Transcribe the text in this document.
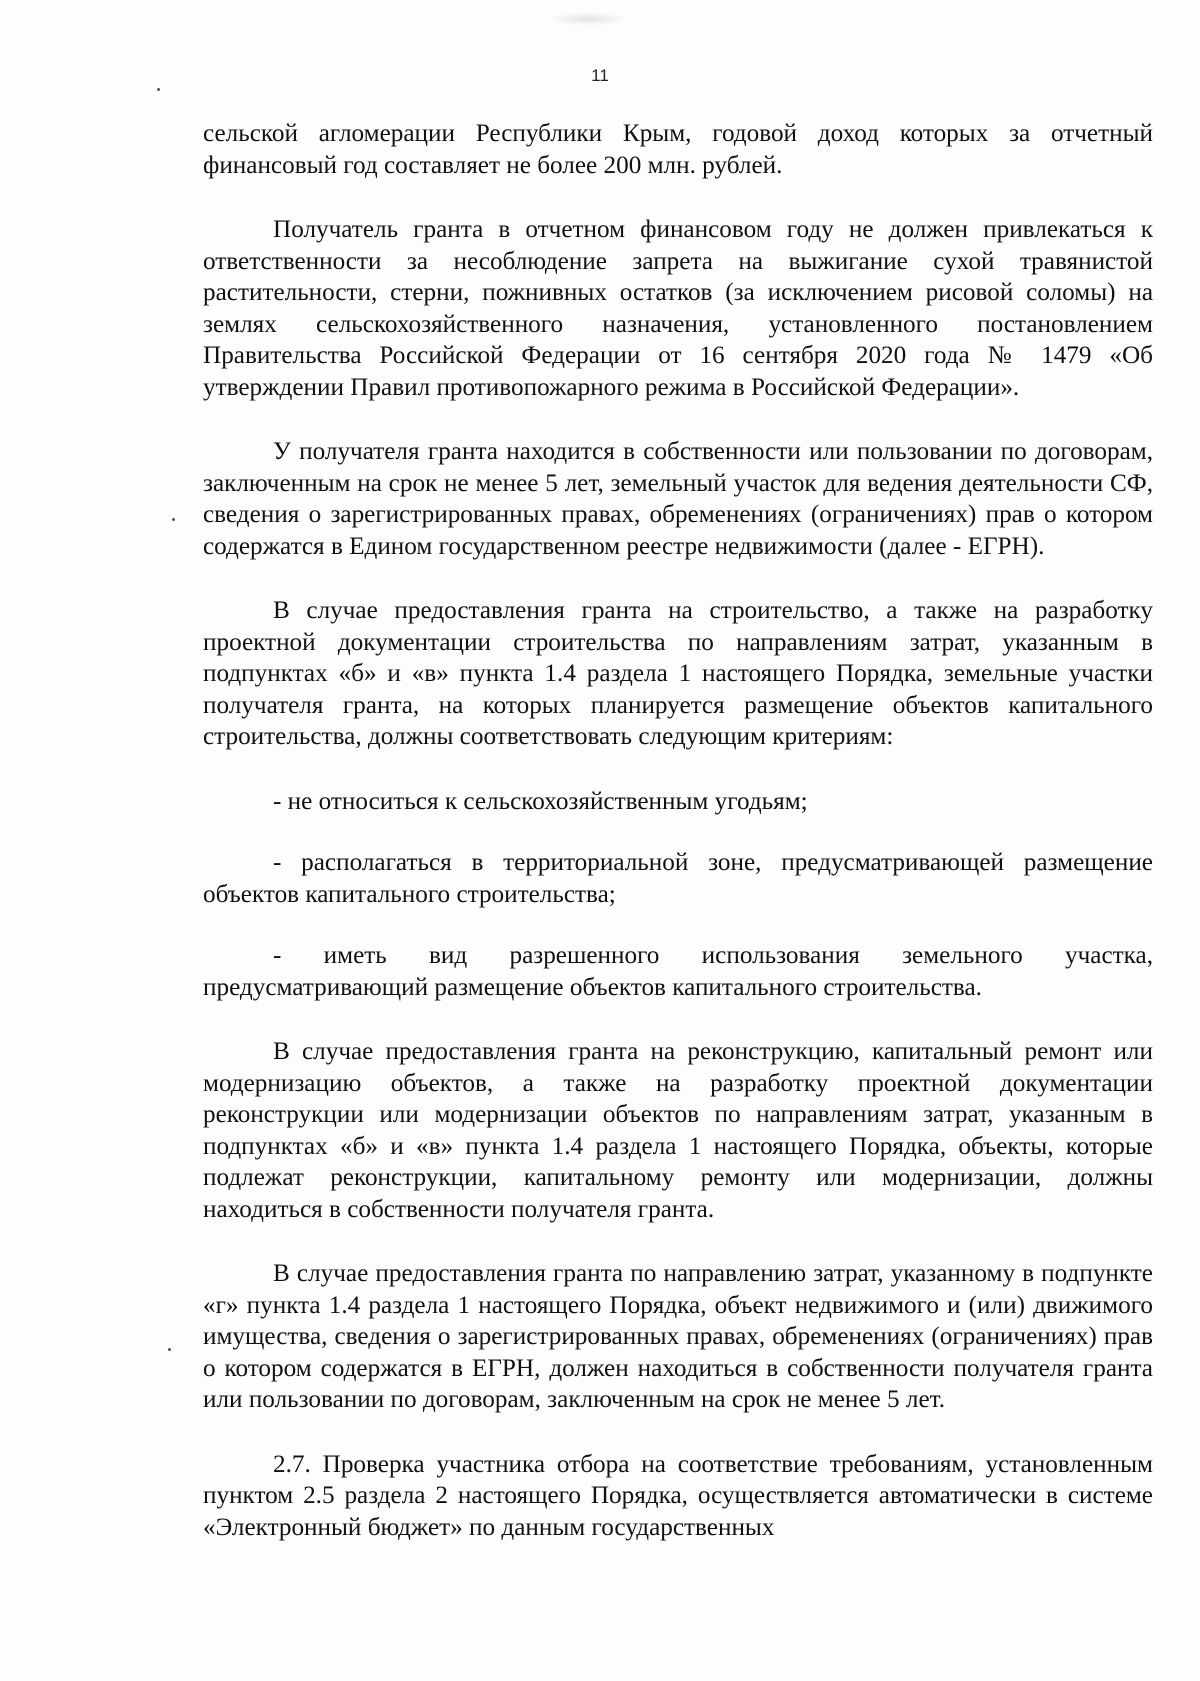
11

сельской агломерации Республики Крым, годовой доход которых за отчетный финансовый год составляет не более 200 млн. рублей.

Получатель гранта в отчетном финансовом году не должен привлекаться к ответственности за несоблюдение запрета на выжигание сухой травянистой растительности, стерни, пожнивных остатков (за исключением рисовой соломы) на землях сельскохозяйственного назначения, установленного постановлением Правительства Российской Федерации от 16 сентября 2020 года № 1479 «Об утверждении Правил противопожарного режима в Российской Федерации».

У получателя гранта находится в собственности или пользовании по договорам, заключенным на срок не менее 5 лет, земельный участок для ведения деятельности СФ, сведения о зарегистрированных правах, обременениях (ограничениях) прав о котором содержатся в Едином государственном реестре недвижимости (далее - ЕГРН).

В случае предоставления гранта на строительство, а также на разработку проектной документации строительства по направлениям затрат, указанным в подпунктах «б» и «в» пункта 1.4 раздела 1 настоящего Порядка, земельные участки получателя гранта, на которых планируется размещение объектов капитального строительства, должны соответствовать следующим критериям:

- не относиться к сельскохозяйственным угодьям;

- располагаться в территориальной зоне, предусматривающей размещение объектов капитального строительства;

- иметь вид разрешенного использования земельного участка, предусматривающий размещение объектов капитального строительства.

В случае предоставления гранта на реконструкцию, капитальный ремонт или модернизацию объектов, а также на разработку проектной документации реконструкции или модернизации объектов по направлениям затрат, указанным в подпунктах «б» и «в» пункта 1.4 раздела 1 настоящего Порядка, объекты, которые подлежат реконструкции, капитальному ремонту или модернизации, должны находиться в собственности получателя гранта.

В случае предоставления гранта по направлению затрат, указанному в подпункте «г» пункта 1.4 раздела 1 настоящего Порядка, объект недвижимого и (или) движимого имущества, сведения о зарегистрированных правах, обременениях (ограничениях) прав о котором содержатся в ЕГРН, должен находиться в собственности получателя гранта или пользовании по договорам, заключенным на срок не менее 5 лет.

2.7. Проверка участника отбора на соответствие требованиям, установленным пунктом 2.5 раздела 2 настоящего Порядка, осуществляется автоматически в системе «Электронный бюджет» по данным государственных
